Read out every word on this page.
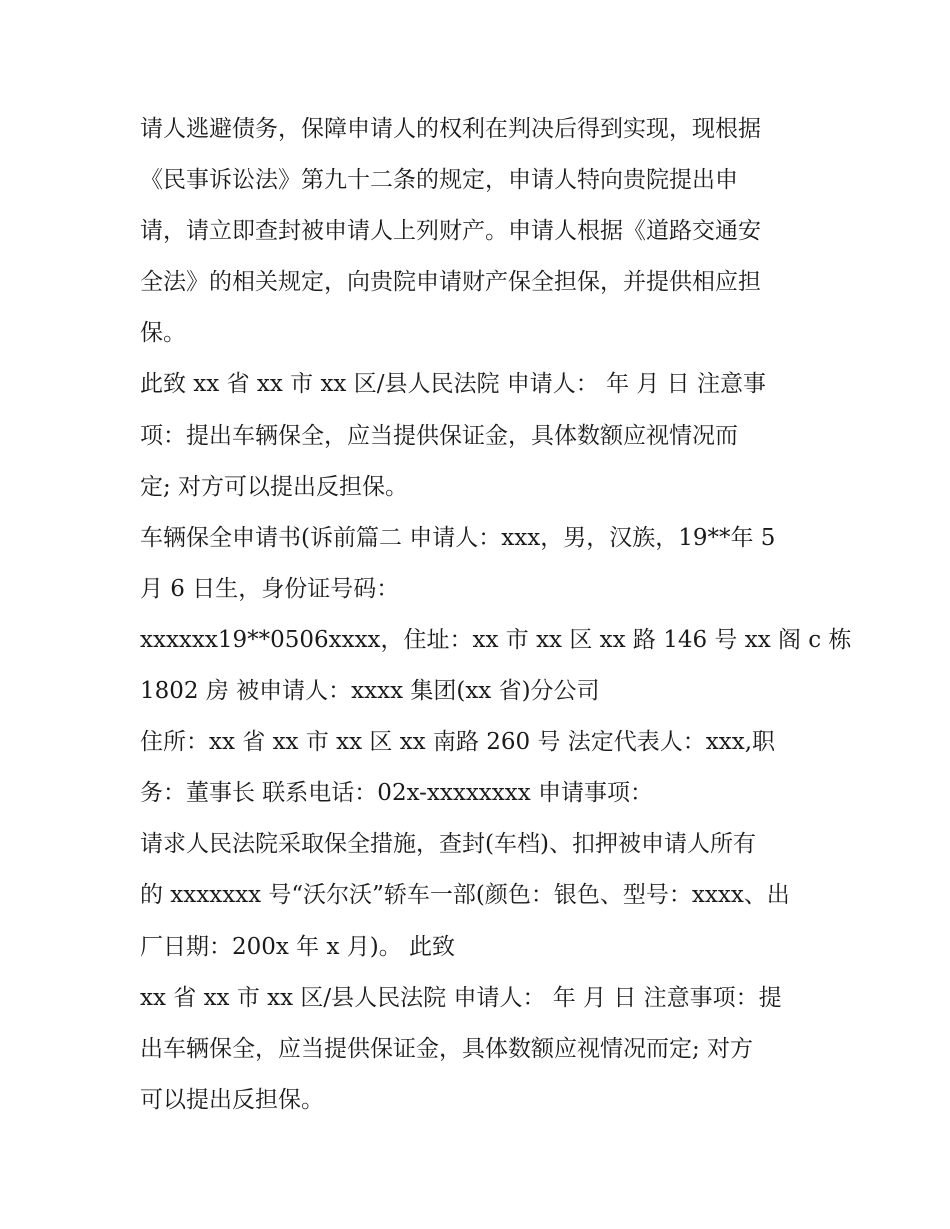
请人逃避债务，保障申请人的权利在判决后得到实现，现根据
《民事诉讼法》第九十二条的规定，申请人特向贵院提出申
请，请立即查封被申请人上列财产。申请人根据《道路交通安
全法》的相关规定，向贵院申请财产保全担保，并提供相应担
保。
此致 xx 省 xx 市 xx 区/县人民法院 申请人： 年 月 日 注意事
项：提出车辆保全，应当提供保证金，具体数额应视情况而
定; 对方可以提出反担保。
车辆保全申请书(诉前篇二 申请人：xxx，男，汉族，19**年 5
月 6 日生，身份证号码：
xxxxxx19**0506xxxx，住址：xx 市 xx 区 xx 路 146 号 xx 阁 c 栋
1802 房 被申请人：xxxx 集团(xx 省)分公司
住所：xx 省 xx 市 xx 区 xx 南路 260 号 法定代表人：xxx,职
务：董事长 联系电话：02x-xxxxxxxx 申请事项：
请求人民法院采取保全措施，查封(车档)、扣押被申请人所有
的 xxxxxxx 号“沃尔沃”轿车一部(颜色：银色、型号：xxxx、出
厂日期：200x 年 x 月)。 此致
xx 省 xx 市 xx 区/县人民法院 申请人： 年 月 日 注意事项：提
出车辆保全，应当提供保证金，具体数额应视情况而定; 对方
可以提出反担保。
